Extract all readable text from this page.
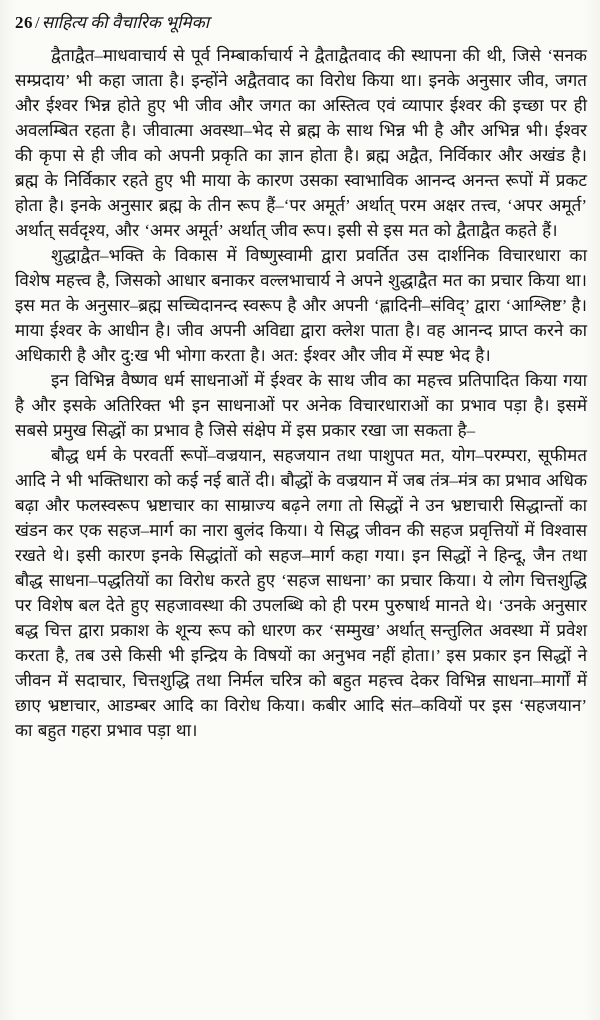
26 / साहित्य की वैचारिक भूमिका

द्वैताद्वैत–माधवाचार्य से पूर्व निम्बार्काचार्य ने द्वैताद्वैतवाद की स्थापना की थी, जिसे ‘सनक सम्प्रदाय’ भी कहा जाता है। इन्होंने अद्वैतवाद का विरोध किया था। इनके अनुसार जीव, जगत और ईश्वर भिन्न होते हुए भी जीव और जगत का अस्तित्व एवं व्यापार ईश्वर की इच्छा पर ही अवलम्बित रहता है। जीवात्मा अवस्था–भेद से ब्रह्म के साथ भिन्न भी है और अभिन्न भी। ईश्वर की कृपा से ही जीव को अपनी प्रकृति का ज्ञान होता है। ब्रह्म अद्वैत, निर्विकार और अखंड है। ब्रह्म के निर्विकार रहते हुए भी माया के कारण उसका स्वाभाविक आनन्द अनन्त रूपों में प्रकट होता है। इनके अनुसार ब्रह्म के तीन रूप हैं–‘पर अमूर्त’ अर्थात् परम अक्षर तत्त्व, ‘अपर अमूर्त’ अर्थात् सर्वदृश्य, और ‘अमर अमूर्त’ अर्थात् जीव रूप। इसी से इस मत को द्वैताद्वैत कहते हैं।

शुद्धाद्वैत–भक्ति के विकास में विष्णुस्वामी द्वारा प्रवर्तित उस दार्शनिक विचारधारा का विशेष महत्त्व है, जिसको आधार बनाकर वल्लभाचार्य ने अपने शुद्धाद्वैत मत का प्रचार किया था। इस मत के अनुसार–ब्रह्म सच्चिदानन्द स्वरूप है और अपनी ‘ह्लादिनी–संविद्’ द्वारा ‘आश्लिष्ट’ है। माया ईश्वर के आधीन है। जीव अपनी अविद्या द्वारा क्लेश पाता है। वह आनन्द प्राप्त करने का अधिकारी है और दु:ख भी भोगा करता है। अत: ईश्वर और जीव में स्पष्ट भेद है।

इन विभिन्न वैष्णव धर्म साधनाओं में ईश्वर के साथ जीव का महत्त्व प्रतिपादित किया गया है और इसके अतिरिक्त भी इन साधनाओं पर अनेक विचारधाराओं का प्रभाव पड़ा है। इसमें सबसे प्रमुख सिद्धों का प्रभाव है जिसे संक्षेप में इस प्रकार रखा जा सकता है–

बौद्ध धर्म के परवर्ती रूपों–वज्रयान, सहजयान तथा पाशुपत मत, योग–परम्परा, सूफीमत आदि ने भी भक्तिधारा को कई नई बातें दी। बौद्धों के वज्रयान में जब तंत्र–मंत्र का प्रभाव अधिक बढ़ा और फलस्वरूप भ्रष्टाचार का साम्राज्य बढ़ने लगा तो सिद्धों ने उन भ्रष्टाचारी सिद्धान्तों का खंडन कर एक सहज–मार्ग का नारा बुलंद किया। ये सिद्ध जीवन की सहज प्रवृत्तियों में विश्वास रखते थे। इसी कारण इनके सिद्धांतों को सहज–मार्ग कहा गया। इन सिद्धों ने हिन्दू, जैन तथा बौद्ध साधना–पद्धतियों का विरोध करते हुए ‘सहज साधना’ का प्रचार किया। ये लोग चित्तशुद्धि पर विशेष बल देते हुए सहजावस्था की उपलब्धि को ही परम पुरुषार्थ मानते थे। ‘उनके अनुसार बद्ध चित्त द्वारा प्रकाश के शून्य रूप को धारण कर ‘सम्मुख’ अर्थात् सन्तुलित अवस्था में प्रवेश करता है, तब उसे किसी भी इन्द्रिय के विषयों का अनुभव नहीं होता।’ इस प्रकार इन सिद्धों ने जीवन में सदाचार, चित्तशुद्धि तथा निर्मल चरित्र को बहुत महत्त्व देकर विभिन्न साधना–मार्गों में छाए भ्रष्टाचार, आडम्बर आदि का विरोध किया। कबीर आदि संत–कवियों पर इस ‘सहजयान’ का बहुत गहरा प्रभाव पड़ा था।
